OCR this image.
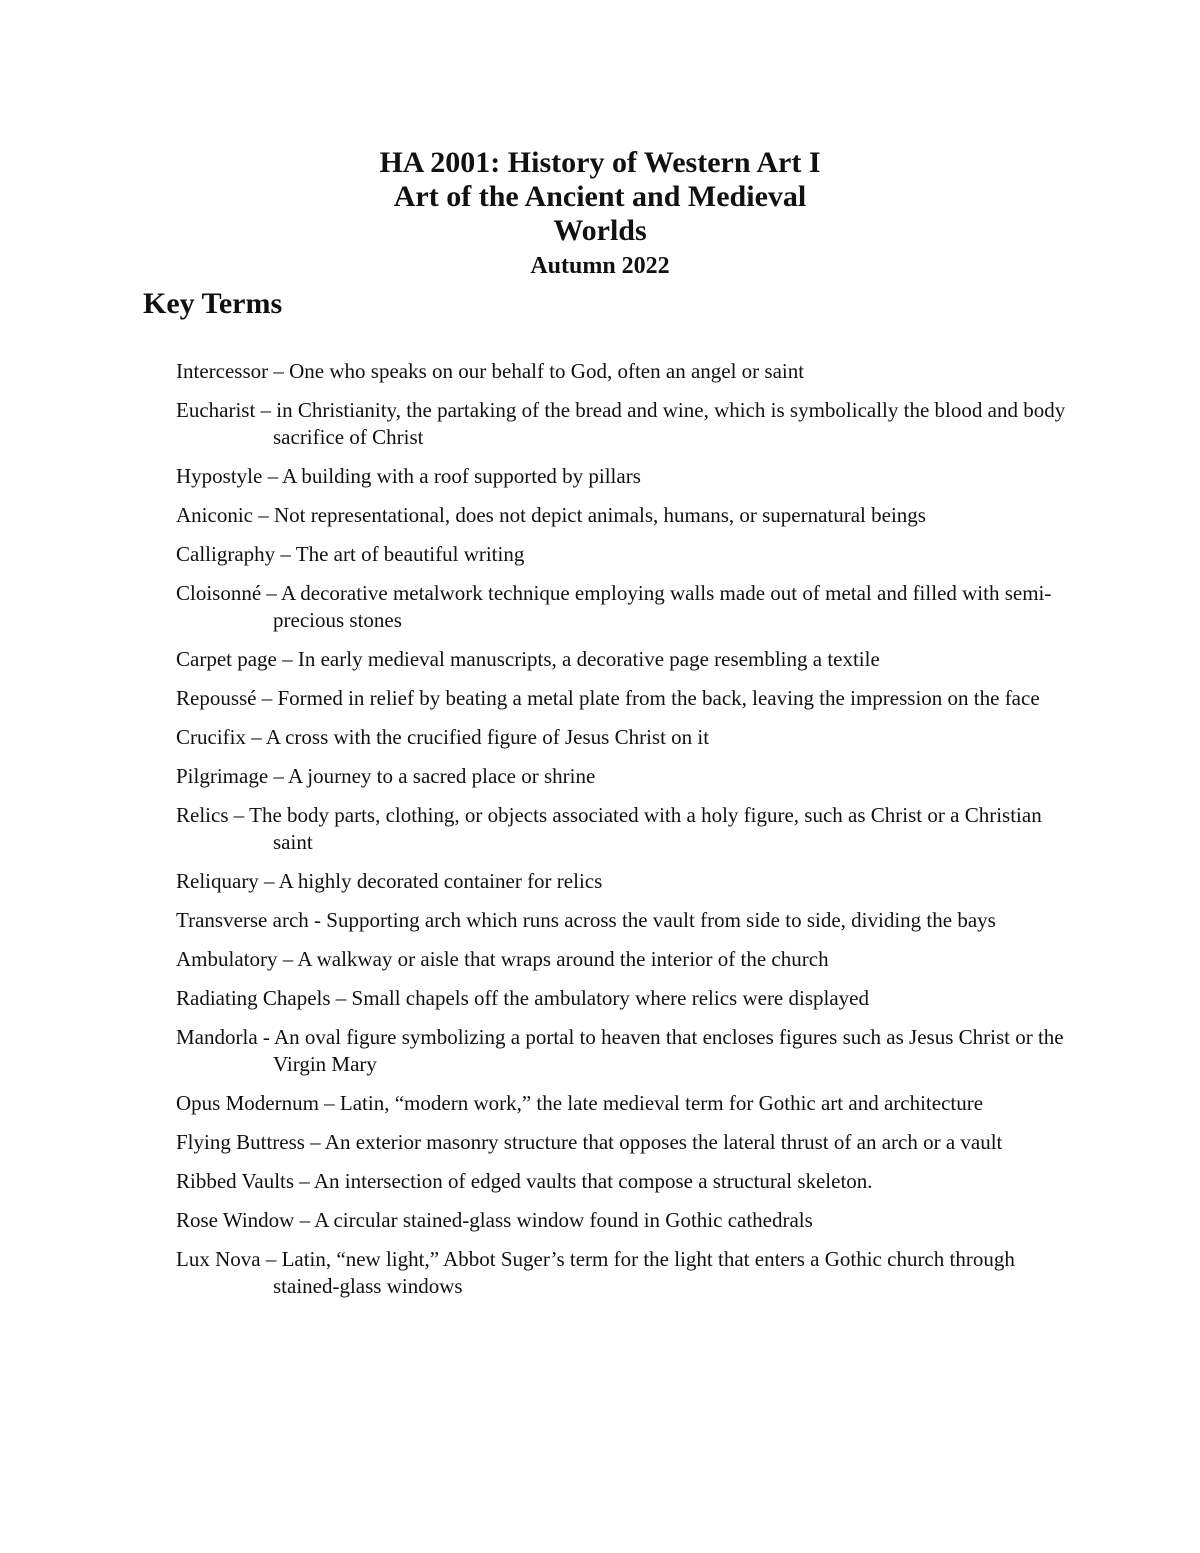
HA 2001: History of Western Art I
Art of the Ancient and Medieval
Worlds
Autumn 2022
Key Terms
Intercessor – One who speaks on our behalf to God, often an angel or saint
Eucharist – in Christianity, the partaking of the bread and wine, which is symbolically the blood and body sacrifice of Christ
Hypostyle – A building with a roof supported by pillars
Aniconic – Not representational, does not depict animals, humans, or supernatural beings
Calligraphy – The art of beautiful writing
Cloisonné – A decorative metalwork technique employing walls made out of metal and filled with semi-precious stones
Carpet page – In early medieval manuscripts, a decorative page resembling a textile
Repoussé – Formed in relief by beating a metal plate from the back, leaving the impression on the face
Crucifix – A cross with the crucified figure of Jesus Christ on it
Pilgrimage – A journey to a sacred place or shrine
Relics – The body parts, clothing, or objects associated with a holy figure, such as Christ or a Christian saint
Reliquary – A highly decorated container for relics
Transverse arch - Supporting arch which runs across the vault from side to side, dividing the bays
Ambulatory – A walkway or aisle that wraps around the interior of the church
Radiating Chapels – Small chapels off the ambulatory where relics were displayed
Mandorla - An oval figure symbolizing a portal to heaven that encloses figures such as Jesus Christ or the Virgin Mary
Opus Modernum – Latin, “modern work,” the late medieval term for Gothic art and architecture
Flying Buttress – An exterior masonry structure that opposes the lateral thrust of an arch or a vault
Ribbed Vaults – An intersection of edged vaults that compose a structural skeleton.
Rose Window – A circular stained-glass window found in Gothic cathedrals
Lux Nova – Latin, “new light,” Abbot Suger’s term for the light that enters a Gothic church through stained-glass windows
